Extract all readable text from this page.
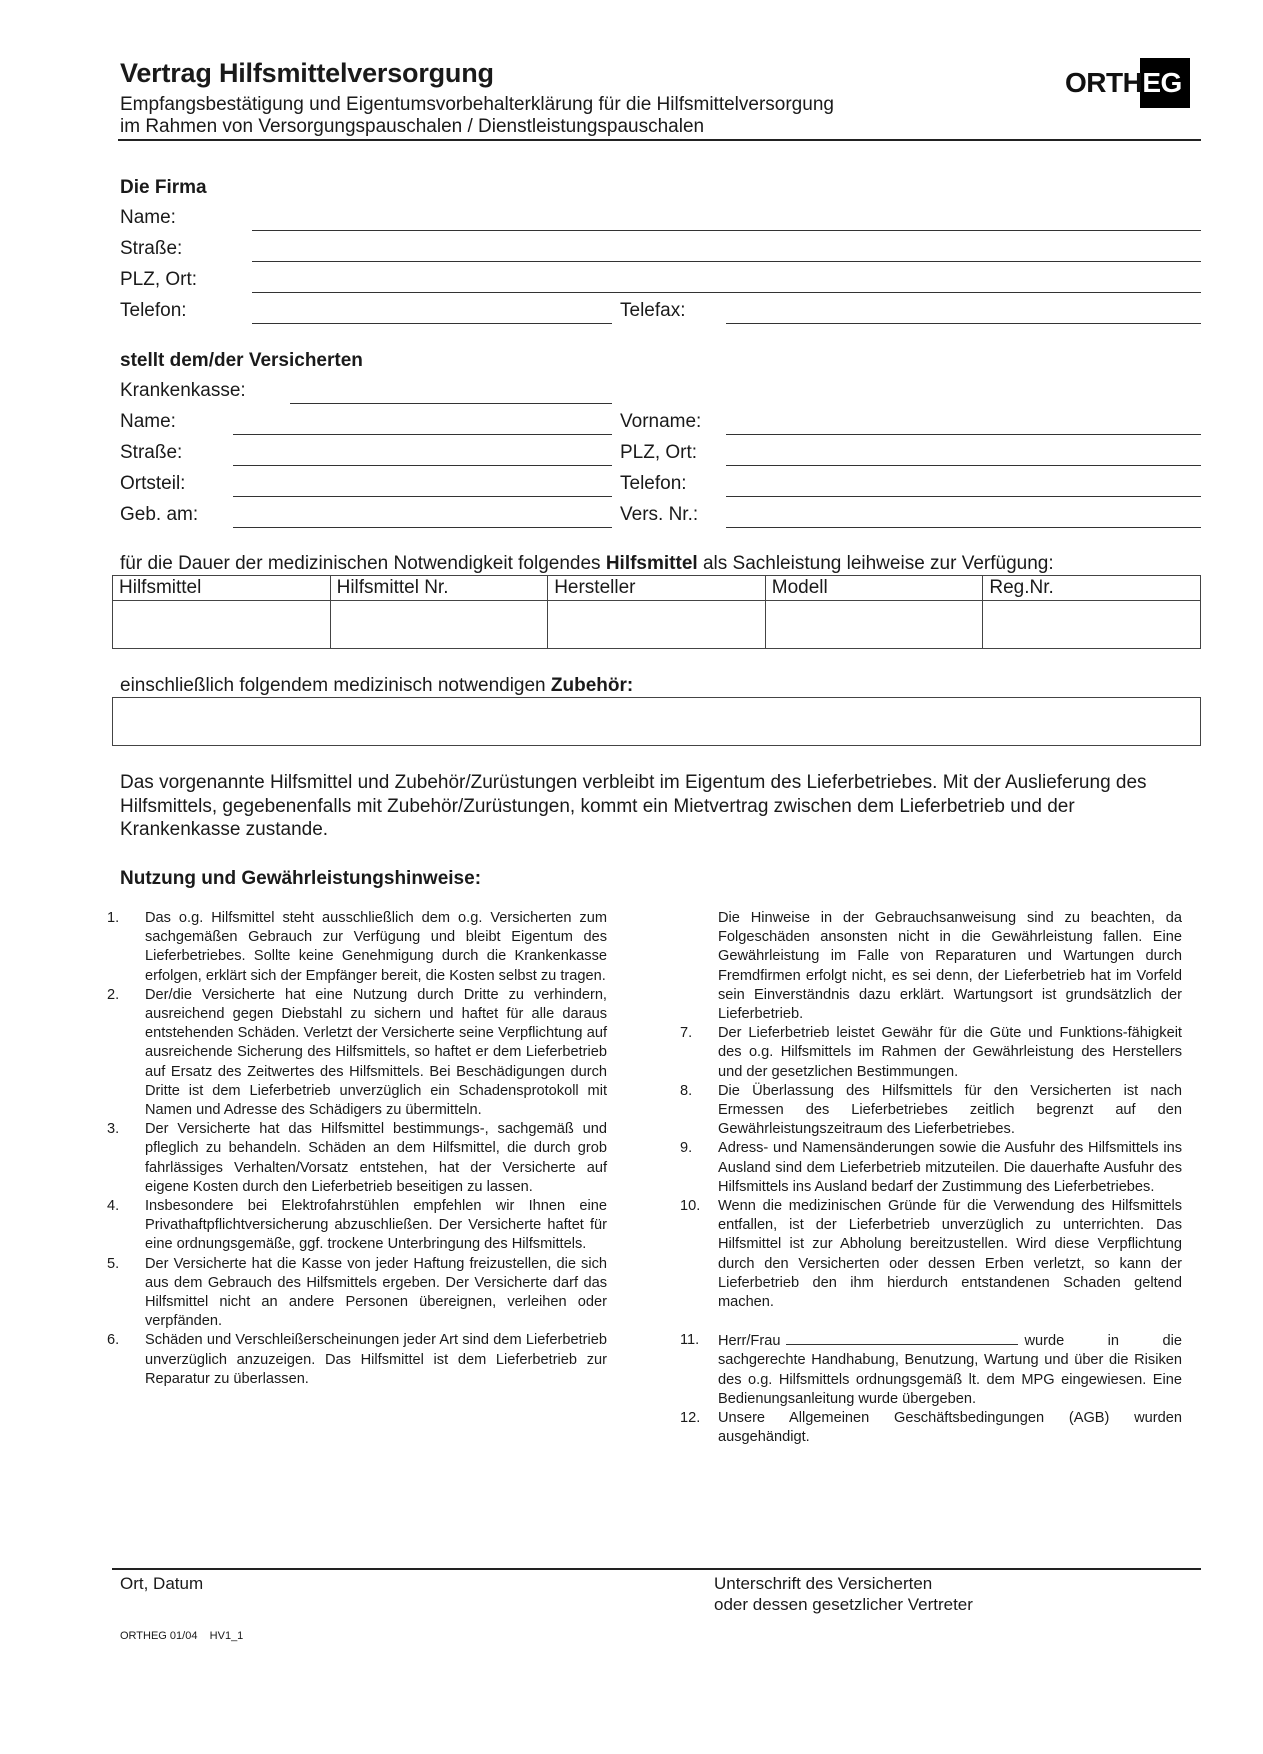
Vertrag Hilfsmittelversorgung
Empfangsbestätigung und Eigentumsvorbehalterklärung für die Hilfsmittelversorgung
im Rahmen von Versorgungspauschalen / Dienstleistungspauschalen
ORTHEG
Die Firma
Name:
Straße:
PLZ, Ort:
Telefon:	Telefax:
stellt dem/der Versicherten
Krankenkasse:
Name:	Vorname:
Straße:	PLZ, Ort:
Ortsteil:	Telefon:
Geb. am:	Vers. Nr.:
für die Dauer der medizinischen Notwendigkeit folgendes Hilfsmittel als Sachleistung leihweise zur Verfügung:
Hilfsmittel	Hilfsmittel Nr.	Hersteller	Modell	Reg.Nr.

einschließlich folgendem medizinisch notwendigen Zubehör:
Das vorgenannte Hilfsmittel und Zubehör/Zurüstungen verbleibt im Eigentum des Lieferbetriebes. Mit der Auslieferung des Hilfsmittels, gegebenenfalls mit Zubehör/Zurüstungen, kommt ein Mietvertrag zwischen dem Lieferbetrieb und der Krankenkasse zustande.
Nutzung und Gewährleistungshinweise:
1. Das o.g. Hilfsmittel steht ausschließlich dem o.g. Versicherten zum sachgemäßen Gebrauch zur Verfügung und bleibt Eigentum des Lieferbetriebes. Sollte keine Genehmigung durch die Krankenkasse erfolgen, erklärt sich der Empfänger bereit, die Kosten selbst zu tragen.
2. Der/die Versicherte hat eine Nutzung durch Dritte zu verhindern, ausreichend gegen Diebstahl zu sichern und haftet für alle daraus entstehenden Schäden. Verletzt der Versicherte seine Verpflichtung auf ausreichende Sicherung des Hilfsmittels, so haftet er dem Lieferbetrieb auf Ersatz des Zeitwertes des Hilfsmittels. Bei Beschädigungen durch Dritte ist dem Lieferbetrieb unverzüglich ein Schadensprotokoll mit Namen und Adresse des Schädigers zu übermitteln.
3. Der Versicherte hat das Hilfsmittel bestimmungs-, sachgemäß und pfleglich zu behandeln. Schäden an dem Hilfsmittel, die durch grob fahrlässiges Verhalten/Vorsatz entstehen, hat der Versicherte auf eigene Kosten durch den Lieferbetrieb beseitigen zu lassen.
4. Insbesondere bei Elektrofahrstühlen empfehlen wir Ihnen eine Privathaftpflichtversicherung abzuschließen. Der Versicherte haftet für eine ordnungsgemäße, ggf. trockene Unterbringung des Hilfsmittels.
5. Der Versicherte hat die Kasse von jeder Haftung freizustellen, die sich aus dem Gebrauch des Hilfsmittels ergeben. Der Versicherte darf das Hilfsmittel nicht an andere Personen übereignen, verleihen oder verpfänden.
6. Schäden und Verschleißerscheinungen jeder Art sind dem Lieferbetrieb unverzüglich anzuzeigen. Das Hilfsmittel ist dem Lieferbetrieb zur Reparatur zu überlassen.
Die Hinweise in der Gebrauchsanweisung sind zu beachten, da Folgeschäden ansonsten nicht in die Gewährleistung fallen. Eine Gewährleistung im Falle von Reparaturen und Wartungen durch Fremdfirmen erfolgt nicht, es sei denn, der Lieferbetrieb hat im Vorfeld sein Einverständnis dazu erklärt. Wartungsort ist grundsätzlich der Lieferbetrieb.
7. Der Lieferbetrieb leistet Gewähr für die Güte und Funktions-fähigkeit des o.g. Hilfsmittels im Rahmen der Gewährleistung des Herstellers und der gesetzlichen Bestimmungen.
8. Die Überlassung des Hilfsmittels für den Versicherten ist nach Ermessen des Lieferbetriebes zeitlich begrenzt auf den Gewährleistungszeitraum des Lieferbetriebes.
9. Adress- und Namensänderungen sowie die Ausfuhr des Hilfsmittels ins Ausland sind dem Lieferbetrieb mitzuteilen. Die dauerhafte Ausfuhr des Hilfsmittels ins Ausland bedarf der Zustimmung des Lieferbetriebes.
10. Wenn die medizinischen Gründe für die Verwendung des Hilfsmittels entfallen, ist der Lieferbetrieb unverzüglich zu unterrichten. Das Hilfsmittel ist zur Abholung bereitzustellen. Wird diese Verpflichtung durch den Versicherten oder dessen Erben verletzt, so kann der Lieferbetrieb den ihm hierdurch entstandenen Schaden geltend machen.
11. Herr/Frau	wurde in die sachgerechte Handhabung, Benutzung, Wartung und über die Risiken des o.g. Hilfsmittels ordnungsgemäß lt. dem MPG eingewiesen. Eine Bedienungsanleitung wurde übergeben.
12. Unsere Allgemeinen Geschäftsbedingungen (AGB) wurden ausgehändigt.
Ort, Datum	Unterschrift des Versicherten
oder dessen gesetzlicher Vertreter
ORTHEG 01/04    HV1_1
